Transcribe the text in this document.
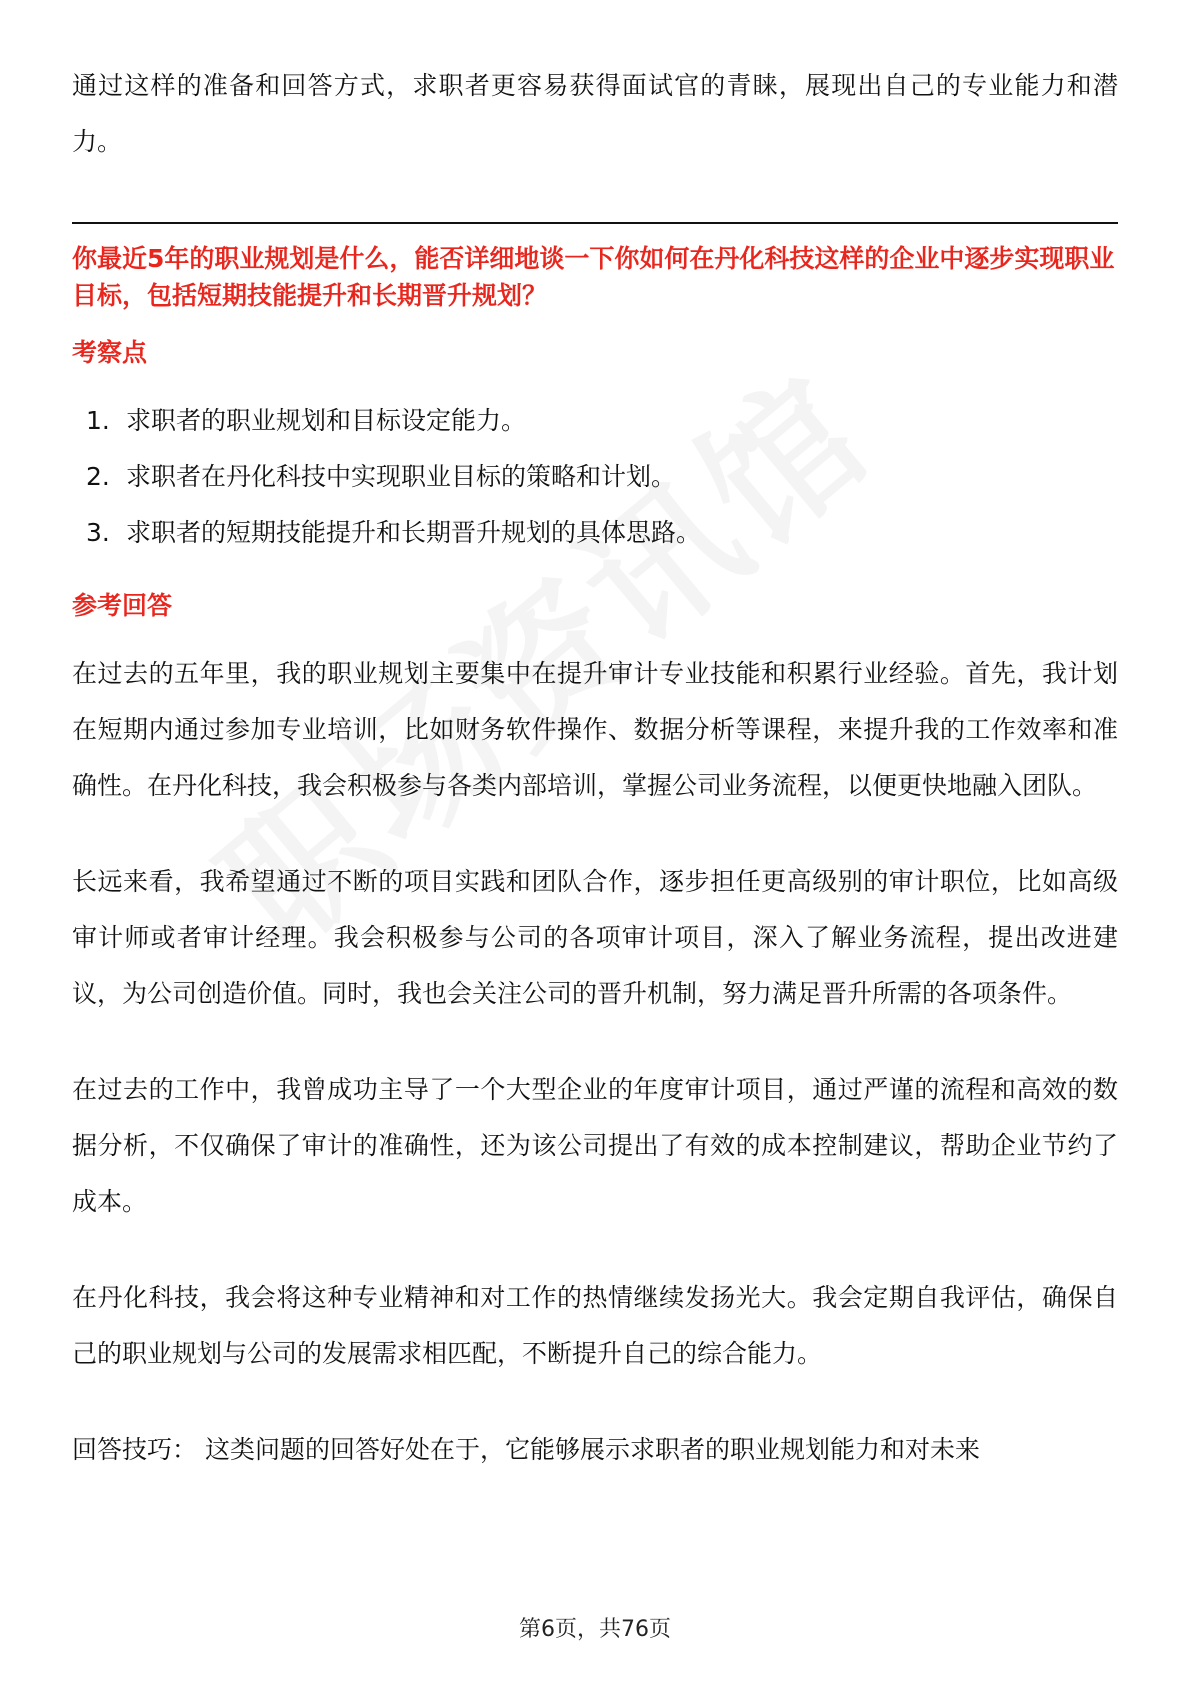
通过这样的准备和回答方式，求职者更容易获得面试官的青睐，展现出自己的专业能力和潜力。

你最近5年的职业规划是什么，能否详细地谈一下你如何在丹化科技这样的企业中逐步实现职业目标，包括短期技能提升和长期晋升规划？

考察点
1. 求职者的职业规划和目标设定能力。
2. 求职者在丹化科技中实现职业目标的策略和计划。
3. 求职者的短期技能提升和长期晋升规划的具体思路。
参考回答

在过去的五年里，我的职业规划主要集中在提升审计专业技能和积累行业经验。首先，我计划在短期内通过参加专业培训，比如财务软件操作、数据分析等课程，来提升我的工作效率和准确性。在丹化科技，我会积极参与各类内部培训，掌握公司业务流程，以便更快地融入团队。

长远来看，我希望通过不断的项目实践和团队合作，逐步担任更高级别的审计职位，比如高级审计师或者审计经理。我会积极参与公司的各项审计项目，深入了解业务流程，提出改进建议，为公司创造价值。同时，我也会关注公司的晋升机制，努力满足晋升所需的各项条件。

在过去的工作中，我曾成功主导了一个大型企业的年度审计项目，通过严谨的流程和高效的数据分析，不仅确保了审计的准确性，还为该公司提出了有效的成本控制建议，帮助企业节约了成本。

在丹化科技，我会将这种专业精神和对工作的热情继续发扬光大。我会定期自我评估，确保自己的职业规划与公司的发展需求相匹配，不断提升自己的综合能力。

回答技巧： 这类问题的回答好处在于，它能够展示求职者的职业规划能力和对未来

第6页，共76页
